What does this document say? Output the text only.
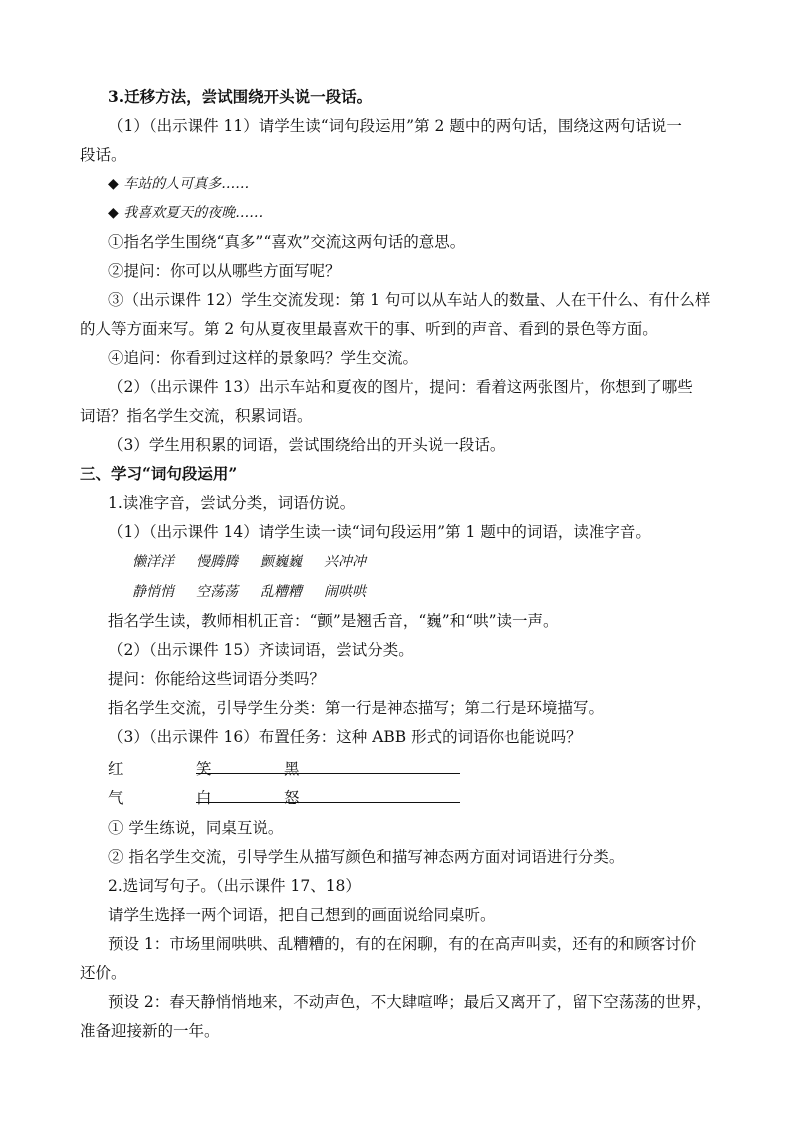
3.迁移方法，尝试围绕开头说一段话。
（1）（出示课件 11）请学生读“词句段运用”第 2 题中的两句话，围绕这两句话说一
段话。
◆ 车站的人可真多……
◆ 我喜欢夏天的夜晚……
①指名学生围绕“真多”“喜欢”交流这两句话的意思。
②提问：你可以从哪些方面写呢？
③（出示课件 12）学生交流发现：第 1 句可以从车站人的数量、人在干什么、有什么样
的人等方面来写。第 2 句从夏夜里最喜欢干的事、听到的声音、看到的景色等方面。
④追问：你看到过这样的景象吗？学生交流。
（2）（出示课件 13）出示车站和夏夜的图片，提问：看着这两张图片，你想到了哪些
词语？指名学生交流，积累词语。
（3）学生用积累的词语，尝试围绕给出的开头说一段话。
三、学习“词句段运用”
1.读准字音，尝试分类，词语仿说。
（1）（出示课件 14）请学生读一读“词句段运用”第 1 题中的词语，读准字音。
懒洋洋 慢腾腾 颤巍巍 兴冲冲
静悄悄 空荡荡 乱糟糟 闹哄哄
指名学生读，教师相机正音：“颤”是翘舌音，“巍”和“哄”读一声。
（2）（出示课件 15）齐读词语，尝试分类。
提问：你能给这些词语分类吗？
指名学生交流，引导学生分类：第一行是神态描写；第二行是环境描写。
（3）（出示课件 16）布置任务：这种 ABB 形式的词语你也能说吗？
红	笑	黑
气	白	怒
① 学生练说，同桌互说。
② 指名学生交流，引导学生从描写颜色和描写神态两方面对词语进行分类。
2.选词写句子。（出示课件 17、18）
请学生选择一两个词语，把自己想到的画面说给同桌听。
预设 1：市场里闹哄哄、乱糟糟的，有的在闲聊，有的在高声叫卖，还有的和顾客讨价
还价。
预设 2：春天静悄悄地来，不动声色，不大肆喧哗；最后又离开了，留下空荡荡的世界，
准备迎接新的一年。
